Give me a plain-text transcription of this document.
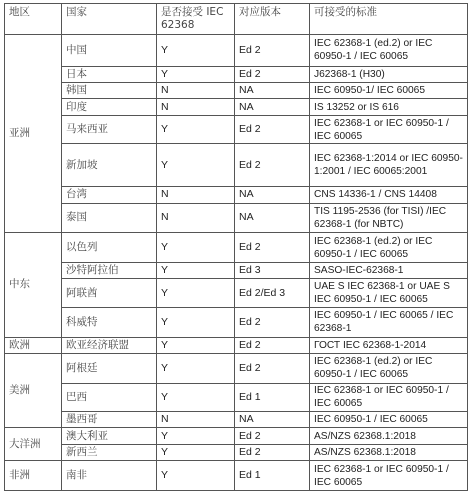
地区	国家	是否接受 IEC 62368	对应版本	可接受的标准
亚洲	中国	Y	Ed 2	IEC 62368-1 (ed.2) or IEC 60950-1 / IEC 60065
	日本	Y	Ed 2	J62368-1 (H30)
	韩国	N	NA	IEC 60950-1/ IEC 60065
	印度	N	NA	IS 13252 or IS 616
	马来西亚	Y	Ed 2	IEC 62368-1 or IEC 60950-1 / IEC 60065
	新加坡	Y	Ed 2	IEC 62368-1:2014 or IEC 60950-1:2001 / IEC 60065:2001
	台湾	N	NA	CNS 14336-1 / CNS 14408
	泰国	N	NA	TIS 1195-2536 (for TISI) /IEC 62368-1 (for NBTC)
中东	以色列	Y	Ed 2	IEC 62368-1 (ed.2) or IEC 60950-1 / IEC 60065
	沙特阿拉伯	Y	Ed 3	SASO-IEC-62368-1
	阿联酋	Y	Ed 2/Ed 3	UAE S IEC 62368-1 or UAE S IEC 60950-1 / IEC 60065
	科威特	Y	Ed 2	IEC 60950-1 / IEC 60065 / IEC 62368-1
欧洲	欧亚经济联盟	Y	Ed 2	ГОСТ IEC 62368-1-2014
美洲	阿根廷	Y	Ed 2	IEC 62368-1 (ed.2) or IEC 60950-1 / IEC 60065
	巴西	Y	Ed 1	IEC 62368-1 or IEC 60950-1 / IEC 60065
	墨西哥	N	NA	IEC 60950-1 / IEC 60065
大洋洲	澳大利亚	Y	Ed 2	AS/NZS 62368.1:2018
	新西兰	Y	Ed 2	AS/NZS 62368.1:2018
非洲	南非	Y	Ed 1	IEC 62368-1 or IEC 60950-1 / IEC 60065
